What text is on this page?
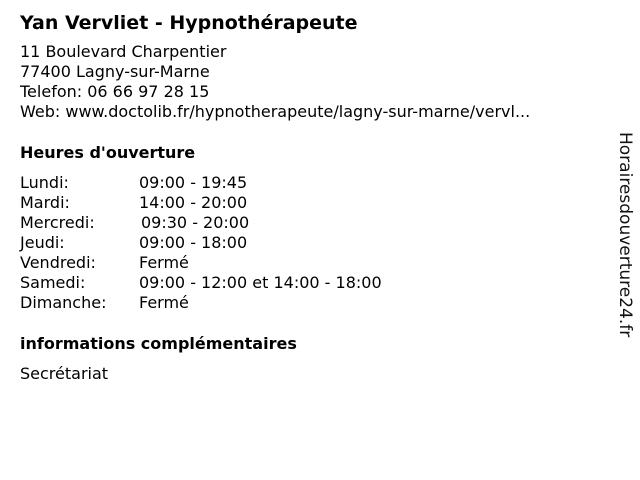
Yan Vervliet - Hypnothérapeute
11 Boulevard Charpentier
77400 Lagny-sur-Marne
Telefon: 06 66 97 28 15
Web: www.doctolib.fr/hypnotherapeute/lagny-sur-marne/vervl...
Heures d'ouverture
Lundi:	09:00 - 19:45
Mardi:	14:00 - 20:00
Mercredi:	09:30 - 20:00
Jeudi:	09:00 - 18:00
Vendredi:	Fermé
Samedi:	09:00 - 12:00 et 14:00 - 18:00
Dimanche: Fermé
informations complémentaires
Secrétariat
Horairesdouverture24.fr
